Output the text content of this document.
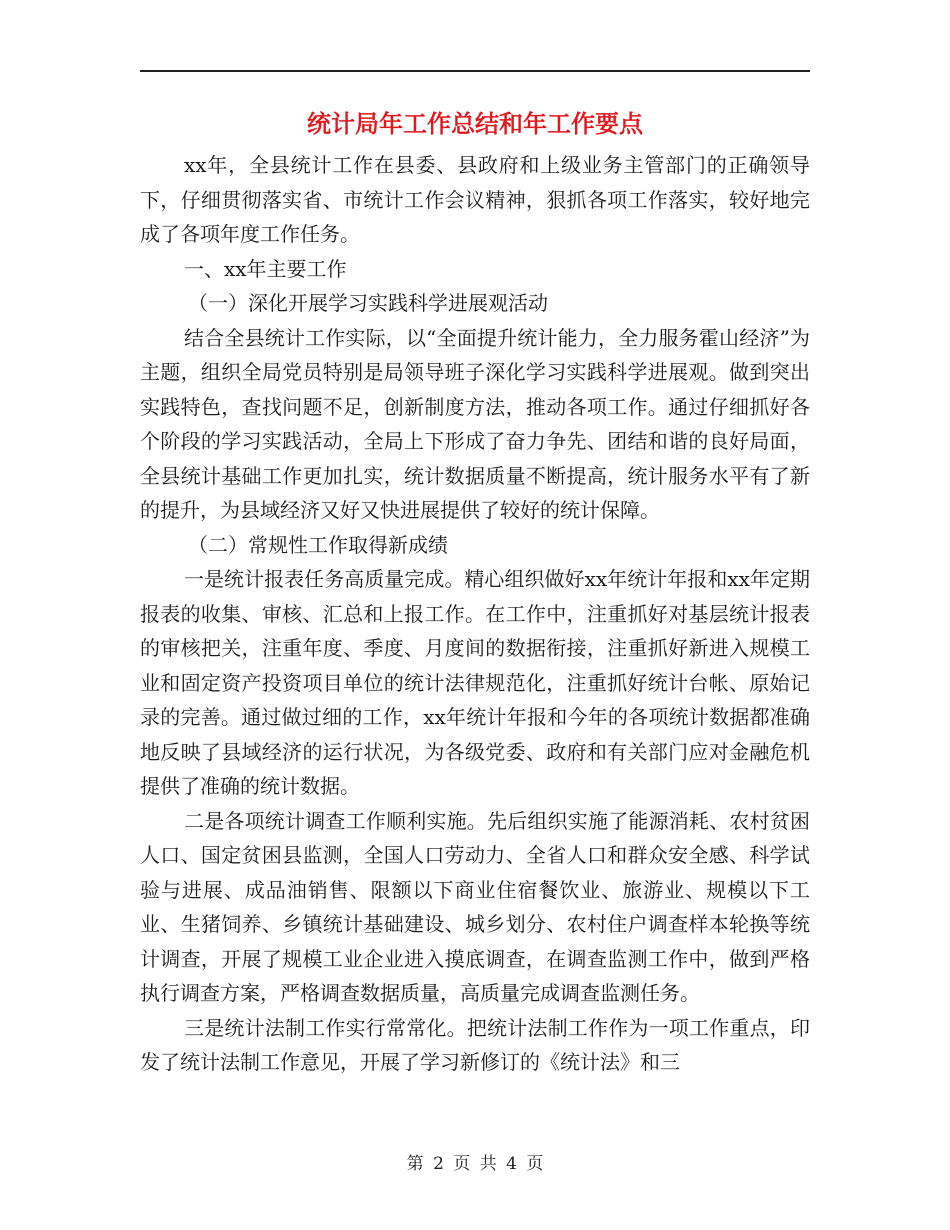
统计局年工作总结和年工作要点

xx年，全县统计工作在县委、县政府和上级业务主管部门的正确领导下，仔细贯彻落实省、市统计工作会议精神，狠抓各项工作落实，较好地完成了各项年度工作任务。

一、xx年主要工作

（一）深化开展学习实践科学进展观活动

结合全县统计工作实际，以“全面提升统计能力，全力服务霍山经济”为主题，组织全局党员特别是局领导班子深化学习实践科学进展观。做到突出实践特色，查找问题不足，创新制度方法，推动各项工作。通过仔细抓好各个阶段的学习实践活动，全局上下形成了奋力争先、团结和谐的良好局面，全县统计基础工作更加扎实，统计数据质量不断提高，统计服务水平有了新的提升，为县域经济又好又快进展提供了较好的统计保障。

（二）常规性工作取得新成绩

一是统计报表任务高质量完成。精心组织做好xx年统计年报和xx年定期报表的收集、审核、汇总和上报工作。在工作中，注重抓好对基层统计报表的审核把关，注重年度、季度、月度间的数据衔接，注重抓好新进入规模工业和固定资产投资项目单位的统计法律规范化，注重抓好统计台帐、原始记录的完善。通过做过细的工作，xx年统计年报和今年的各项统计数据都准确地反映了县域经济的运行状况，为各级党委、政府和有关部门应对金融危机提供了准确的统计数据。

二是各项统计调查工作顺利实施。先后组织实施了能源消耗、农村贫困人口、国定贫困县监测，全国人口劳动力、全省人口和群众安全感、科学试验与进展、成品油销售、限额以下商业住宿餐饮业、旅游业、规模以下工业、生猪饲养、乡镇统计基础建设、城乡划分、农村住户调查样本轮换等统计调查，开展了规模工业企业进入摸底调查，在调查监测工作中，做到严格执行调查方案，严格调查数据质量，高质量完成调查监测任务。

三是统计法制工作实行常常化。把统计法制工作作为一项工作重点，印发了统计法制工作意见，开展了学习新修订的《统计法》和三

第 2 页 共 4 页
